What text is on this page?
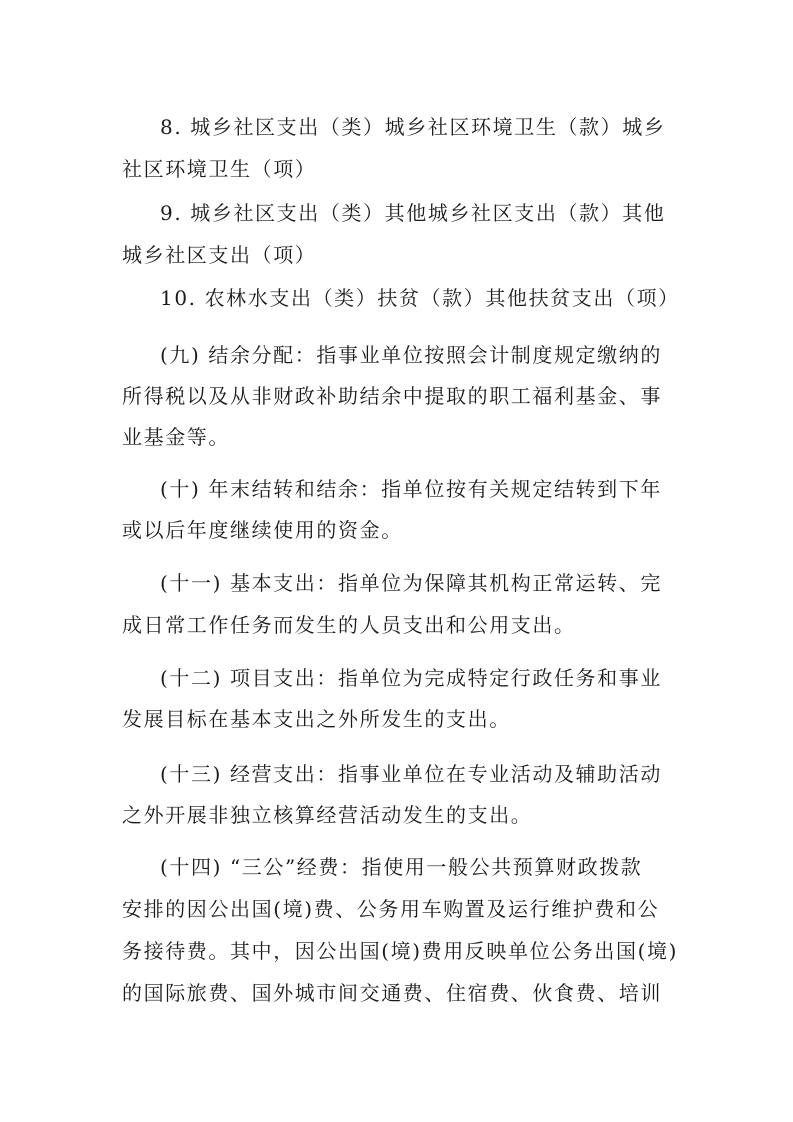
8. 城乡社区支出（类）城乡社区环境卫生（款）城乡
社区环境卫生（项）
9. 城乡社区支出（类）其他城乡社区支出（款）其他
城乡社区支出（项）
10. 农林水支出（类）扶贫（款）其他扶贫支出（项）
(九) 结余分配：指事业单位按照会计制度规定缴纳的
所得税以及从非财政补助结余中提取的职工福利基金、事
业基金等。
(十) 年末结转和结余：指单位按有关规定结转到下年
或以后年度继续使用的资金。
(十一) 基本支出：指单位为保障其机构正常运转、完
成日常工作任务而发生的人员支出和公用支出。
(十二) 项目支出：指单位为完成特定行政任务和事业
发展目标在基本支出之外所发生的支出。
(十三) 经营支出：指事业单位在专业活动及辅助活动
之外开展非独立核算经营活动发生的支出。
(十四) “三公”经费：指使用一般公共预算财政拨款
安排的因公出国(境)费、公务用车购置及运行维护费和公
务接待费。其中，因公出国(境)费用反映单位公务出国(境)
的国际旅费、国外城市间交通费、住宿费、伙食费、培训
